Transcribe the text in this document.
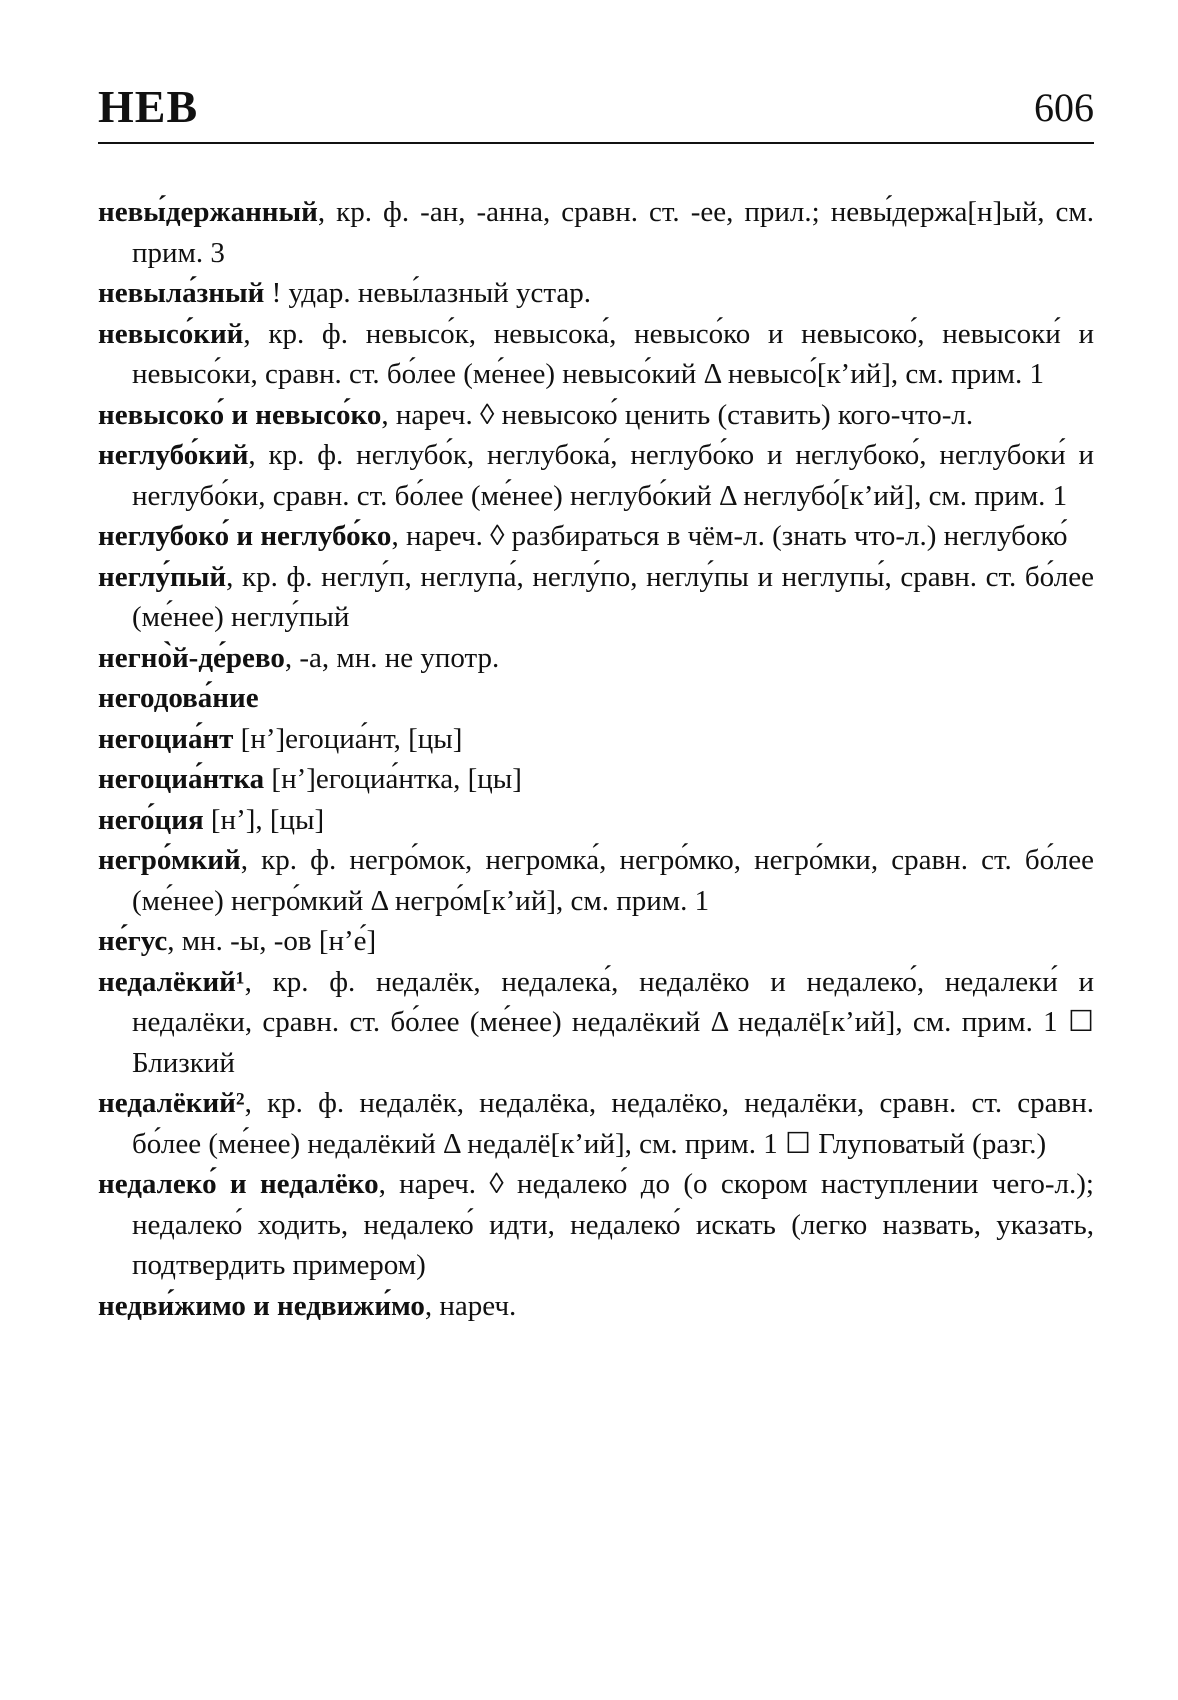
НЕВ	606
невы́держанный, кр. ф. -ан, -анна, сравн. ст. -ее, прил.; невы́держа[н]ый, см. прим. 3
невыла́зный ! удар. невы́лазный устар.
невысо́кий, кр. ф. невысо́к, невысока́, невысо́ко и невысоко́, невысоки́ и невысо́ки, сравн. ст. бо́лее (ме́нее) невысо́кий Δ невысо́[кʼий], см. прим. 1
невысоко́ и невысо́ко, нареч. ◊ невысоко́ ценить (ставить) кого-что-л.
неглубо́кий, кр. ф. неглубо́к, неглубока́, неглубо́ко и неглубоко́, неглубоки́ и неглубо́ки, сравн. ст. бо́лее (ме́нее) неглубо́кий Δ неглубо́[кʼий], см. прим. 1
неглубоко́ и неглубо́ко, нареч. ◊ разбираться в чём-л. (знать что-л.) неглубоко́
неглу́пый, кр. ф. неглу́п, неглупа́, неглу́по, неглу́пы и неглупы́, сравн. ст. бо́лее (ме́нее) неглу́пый
негно̀й-де́рево, -а, мн. не употр.
негодова́ние
негоциа́нт [нʼ]егоциа́нт, [цы]
негоциа́нтка [нʼ]егоциа́нтка, [цы]
него́ция [нʼ], [цы]
негро́мкий, кр. ф. негро́мок, негромка́, негро́мко, негро́мки, сравн. ст. бо́лее (ме́нее) негро́мкий Δ негро́м[кʼий], см. прим. 1
не́гус, мн. -ы, -ов [нʼе́]
недалёкий¹, кр. ф. недалёк, недалека́, недалёко и недалеко́, недалеки́ и недалёки, сравн. ст. бо́лее (ме́нее) недалёкий Δ недалё[кʼий], см. прим. 1 ☐ Близкий
недалёкий², кр. ф. недалёк, недалёка, недалёко, недалёки, сравн. ст. сравн. бо́лее (ме́нее) недалёкий Δ недалё[кʼий], см. прим. 1 ☐ Глуповатый (разг.)
недалеко́ и недалёко, нареч. ◊ недалеко́ до (о скором наступлении чего-л.); недалеко́ ходить, недалеко́ идти, недалеко́ искать (легко назвать, указать, подтвердить примером)
недви́жимо и недвижи́мо, нареч.
